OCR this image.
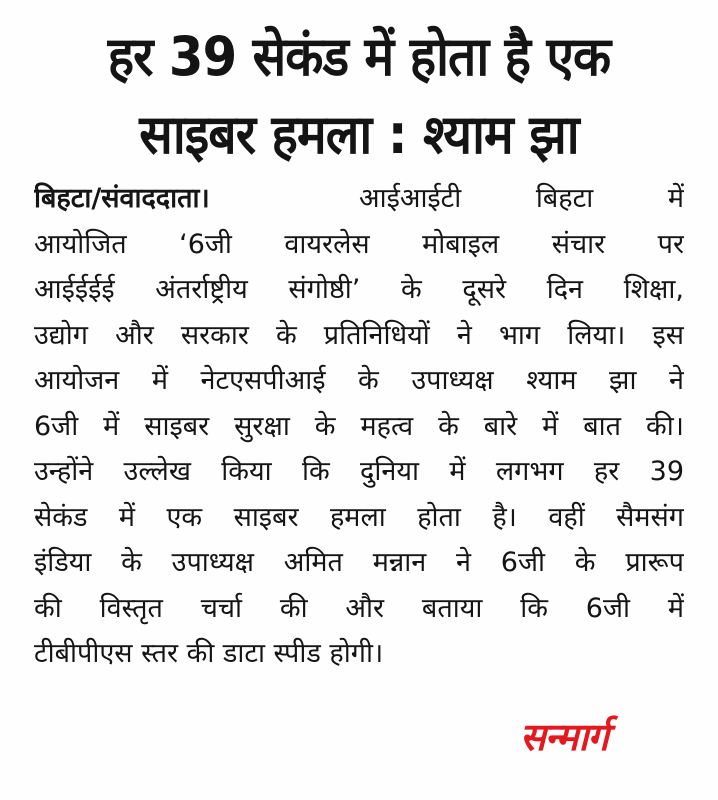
हर 39 सेकंड में होता है एक
साइबर हमला : श्याम झा
बिहटा/संवाददाता।	आईआईटी बिहटा में
आयोजित ‘6जी वायरलेस मोबाइल संचार पर
आईईईई अंतर्राष्ट्रीय संगोष्ठी’ के दूसरे दिन शिक्षा,
उद्योग और सरकार के प्रतिनिधियों ने भाग लिया। इस
आयोजन में नेटएसपीआई के उपाध्यक्ष श्याम झा ने
6जी में साइबर सुरक्षा के महत्व के बारे में बात की।
उन्होंने उल्लेख किया कि दुनिया में लगभग हर 39
सेकंड में एक साइबर हमला होता है। वहीं सैमसंग
इंडिया के उपाध्यक्ष अमित मन्नान ने 6जी के प्रारूप
की विस्तृत चर्चा की और बताया कि 6जी में
टीबीपीएस स्तर की डाटा स्पीड होगी।
सन्मार्ग
